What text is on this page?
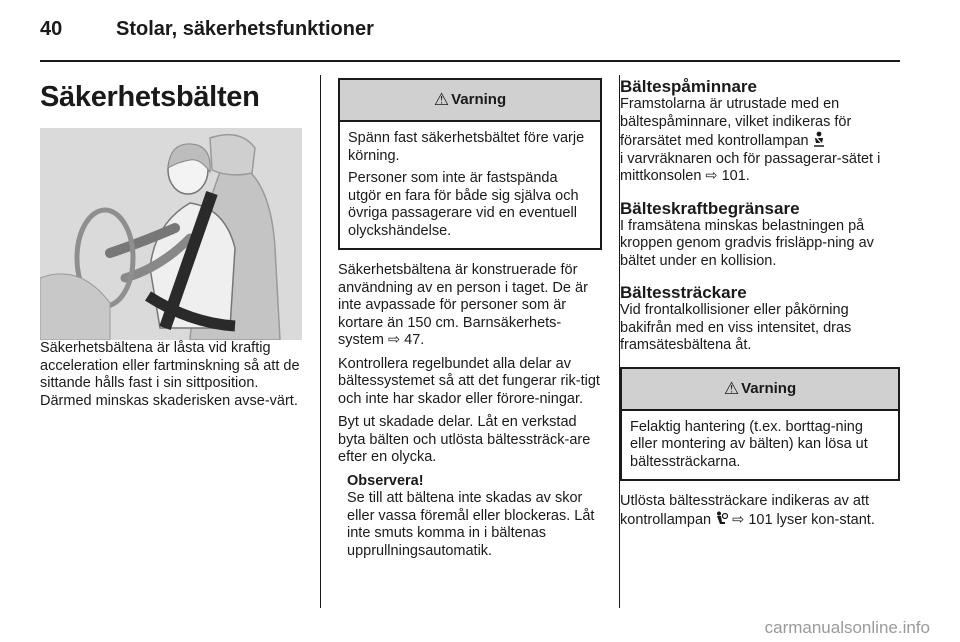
40	Stolar, säkerhetsfunktioner
Säkerhetsbälten

Säkerhetsbältena är låsta vid kraftig acceleration eller fartminskning så att de sittande hålls fast i sin sittposition. Därmed minskas skaderisken avse-värt.

⚠ Varning

Spänn fast säkerhetsbältet före varje körning.

Personer som inte är fastspända utgör en fara för både sig själva och övriga passagerare vid en eventuell olyckshändelse.

Säkerhetsbältena är konstruerade för användning av en person i taget. De är inte avpassade för personer som är kortare än 150 cm. Barnsäkerhets-system ⇨ 47.

Kontrollera regelbundet alla delar av bältessystemet så att det fungerar rik-tigt och inte har skador eller förore-ningar.

Byt ut skadade delar. Låt en verkstad byta bälten och utlösta bältessträck-are efter en olycka.

Observera!
Se till att bältena inte skadas av skor eller vassa föremål eller blockeras. Låt inte smuts komma in i bältenas upprullningsautomatik.
Bältespåminnare
Framstolarna är utrustade med en bältespåminnare, vilket indikeras för förarsätet med kontrollampan
i varvräknaren och för passagerar-sätet i mittkonsolen ⇨ 101.
Bälteskraftbegränsare
I framsätena minskas belastningen på kroppen genom gradvis frisläpp-ning av bältet under en kollision.
Bältessträckare
Vid frontalkollisioner eller påkörning bakifrån med en viss intensitet, dras framsätesbältena åt.
⚠ Varning

Felaktig hantering (t.ex. borttag-ning eller montering av bälten) kan lösa ut bältessträckarna.

Utlösta bältessträckare indikeras av att kontrollampan ⇨ 101 lyser kon-stant.
carmanualsonline.info
